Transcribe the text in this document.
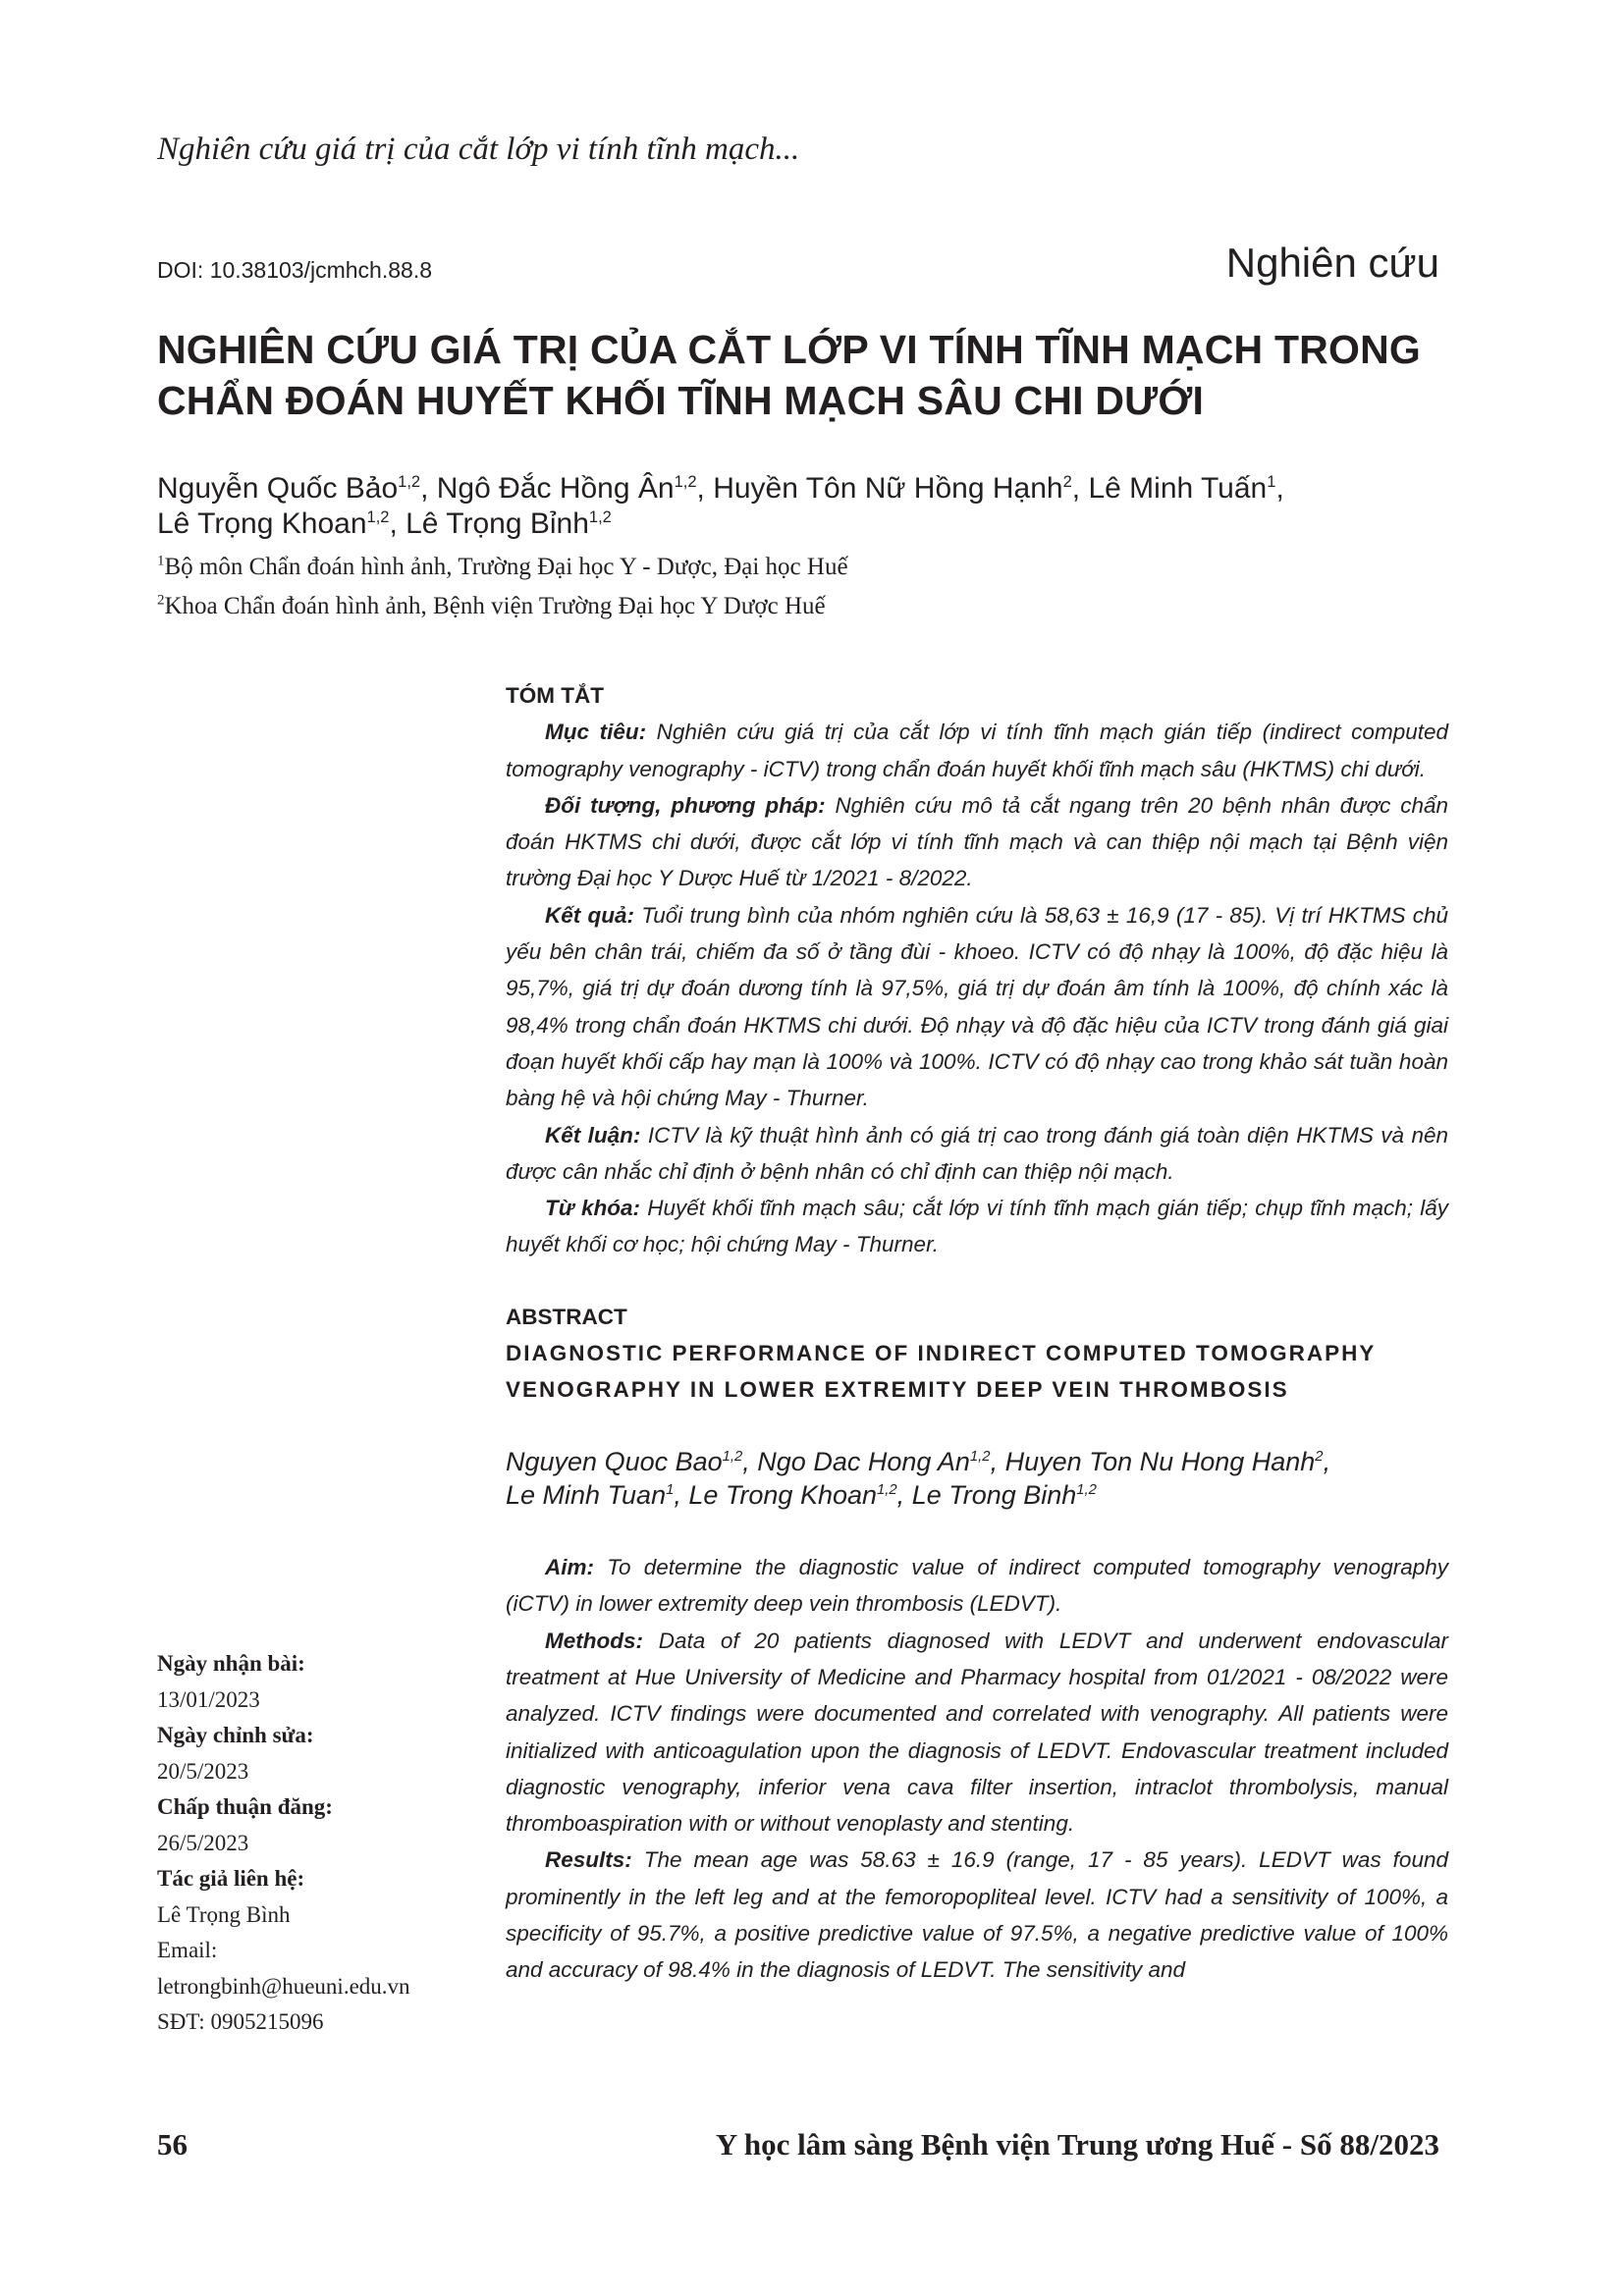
Nghiên cứu giá trị của cắt lớp vi tính tĩnh mạch...
DOI: 10.38103/jcmhch.88.8	Nghiên cứu
NGHIÊN CỨU GIÁ TRỊ CỦA CẮT LỚP VI TÍNH TĨNH MẠCH TRONG
CHẨN ĐOÁN HUYẾT KHỐI TĨNH MẠCH SÂU CHI DƯỚI
Nguyễn Quốc Bảo$^{1,2}$, Ngô Đắc Hồng Ân$^{1,2}$, Huyền Tôn Nữ Hồng Hạnh$^2$, Lê Minh Tuấn$^1$,
Lê Trọng Khoan$^{1,2}$, Lê Trọng Bỉnh$^{1,2}$
$^1$Bộ môn Chẩn đoán hình ảnh, Trường Đại học Y - Dược, Đại học Huế
$^2$Khoa Chẩn đoán hình ảnh, Bệnh viện Trường Đại học Y Dược Huế
TÓM TẮT

Mục tiêu: Nghiên cứu giá trị của cắt lớp vi tính tĩnh mạch gián tiếp (indirect computed tomography venography - iCTV) trong chẩn đoán huyết khối tĩnh mạch sâu (HKTMS) chi dưới.

Đối tượng, phương pháp: Nghiên cứu mô tả cắt ngang trên 20 bệnh nhân được chẩn đoán HKTMS chi dưới, được cắt lớp vi tính tĩnh mạch và can thiệp nội mạch tại Bệnh viện trường Đại học Y Dược Huế từ 1/2021 - 8/2022.

Kết quả: Tuổi trung bình của nhóm nghiên cứu là 58,63 ± 16,9 (17 - 85). Vị trí HKTMS chủ yếu bên chân trái, chiếm đa số ở tầng đùi - khoeo. ICTV có độ nhạy là 100%, độ đặc hiệu là 95,7%, giá trị dự đoán dương tính là 97,5%, giá trị dự đoán âm tính là 100%, độ chính xác là 98,4% trong chẩn đoán HKTMS chi dưới. Độ nhạy và độ đặc hiệu của ICTV trong đánh giá giai đoạn huyết khối cấp hay mạn là 100% và 100%. ICTV có độ nhạy cao trong khảo sát tuần hoàn bàng hệ và hội chứng May - Thurner.

Kết luận: ICTV là kỹ thuật hình ảnh có giá trị cao trong đánh giá toàn diện HKTMS và nên được cân nhắc chỉ định ở bệnh nhân có chỉ định can thiệp nội mạch.

Từ khóa: Huyết khối tĩnh mạch sâu; cắt lớp vi tính tĩnh mạch gián tiếp; chụp tĩnh mạch; lấy huyết khối cơ học; hội chứng May - Thurner.

ABSTRACT
DIAGNOSTIC PERFORMANCE OF INDIRECT COMPUTED TOMOGRAPHY
VENOGRAPHY IN LOWER EXTREMITY DEEP VEIN THROMBOSIS
Nguyen Quoc Bao$^{1,2}$, Ngo Dac Hong An$^{1,2}$, Huyen Ton Nu Hong Hanh$^2$,
Le Minh Tuan$^1$, Le Trong Khoan$^{1,2}$, Le Trong Binh$^{1,2}$

Aim: To determine the diagnostic value of indirect computed tomography venography (iCTV) in lower extremity deep vein thrombosis (LEDVT).

Methods: Data of 20 patients diagnosed with LEDVT and underwent endovascular treatment at Hue University of Medicine and Pharmacy hospital from 01/2021 - 08/2022 were analyzed. ICTV findings were documented and correlated with venography. All patients were initialized with anticoagulation upon the diagnosis of LEDVT. Endovascular treatment included diagnostic venography, inferior vena cava filter insertion, intraclot thrombolysis, manual thromboaspiration with or without venoplasty and stenting.

Results: The mean age was 58.63 ± 16.9 (range, 17 - 85 years). LEDVT was found prominently in the left leg and at the femoropopliteal level. ICTV had a sensitivity of 100%, a specificity of 95.7%, a positive predictive value of 97.5%, a negative predictive value of 100% and accuracy of 98.4% in the diagnosis of LEDVT. The sensitivity and

Ngày nhận bài:
13/01/2023
Ngày chỉnh sửa:
20/5/2023
Chấp thuận đăng:
26/5/2023
Tác giả liên hệ:
Lê Trọng Bình
Email:
letrongbinh@hueuni.edu.vn
SĐT: 0905215096
56	Y học lâm sàng Bệnh viện Trung ương Huế - Số 88/2023
